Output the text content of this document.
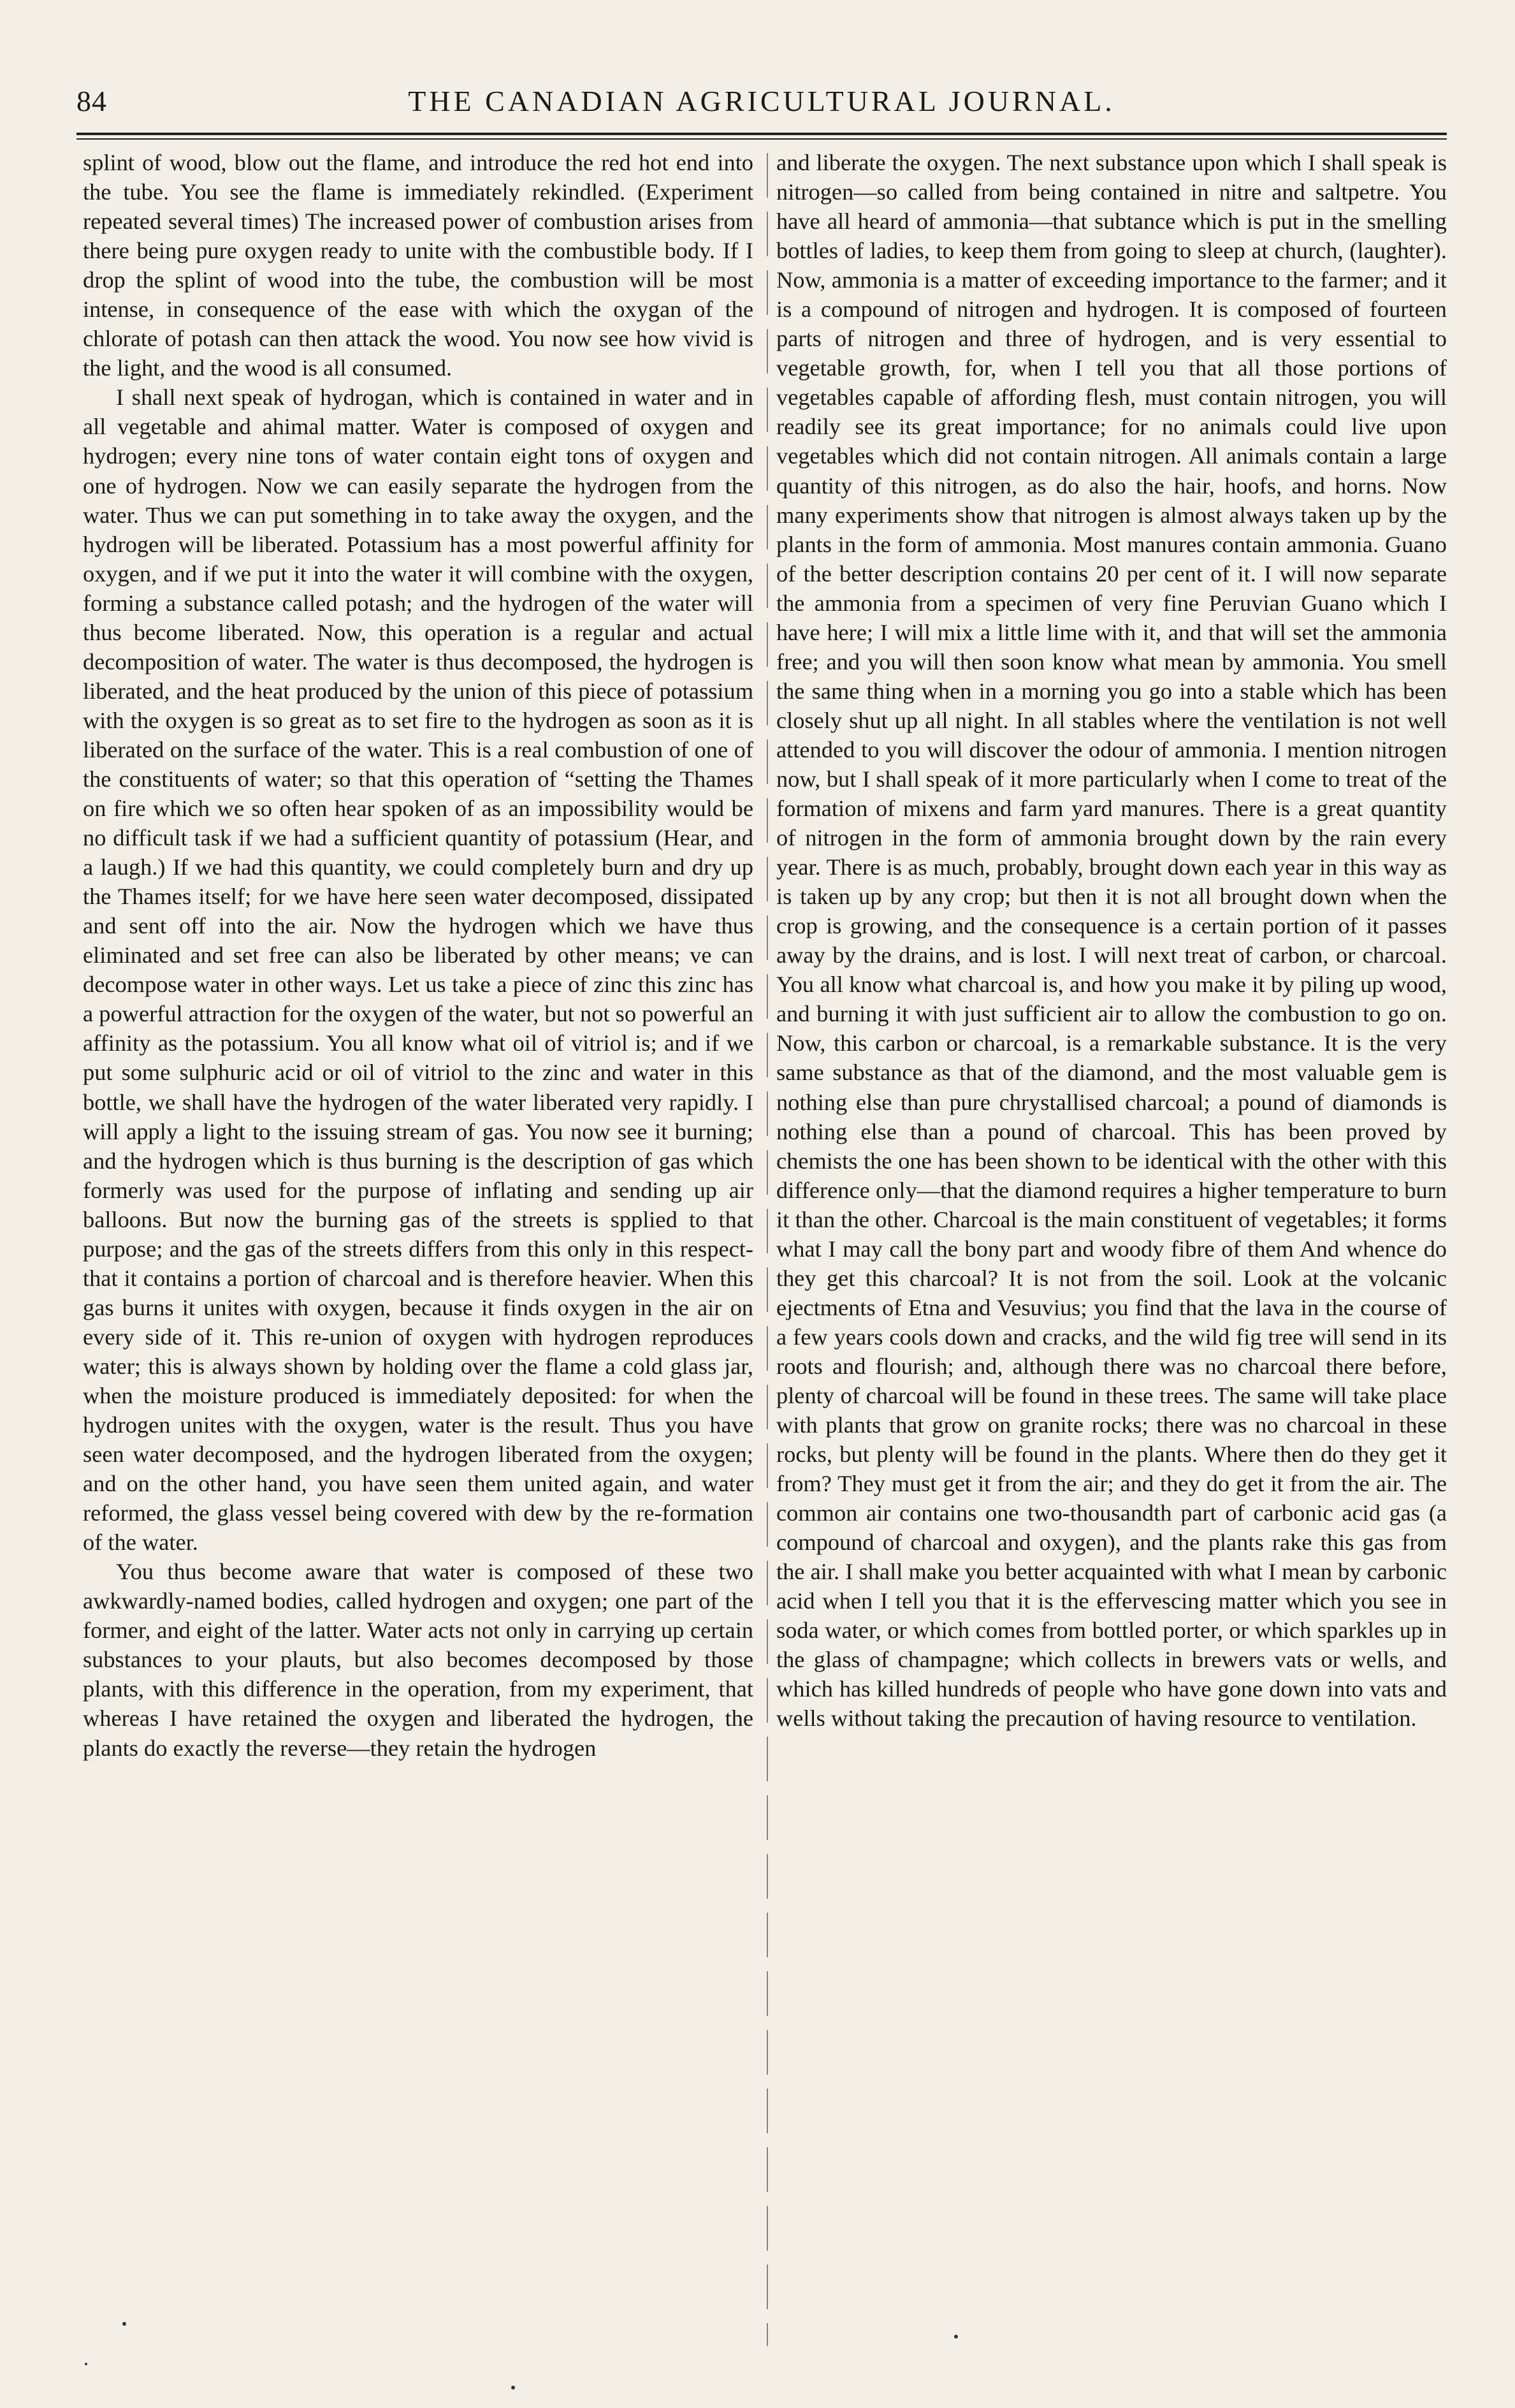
84	THE CANADIAN AGRICULTURAL JOURNAL.

splint of wood, blow out the flame, and introduce the red hot end into the tube. You see the flame is immediately rekindled. (Experiment repeated several times) The increased power of combustion arises from there being pure oxygen ready to unite with the combustible body. If I drop the splint of wood into the tube, the combustion will be most intense, in consequence of the ease with which the oxygan of the chlorate of potash can then attack the wood. You now see how vivid is the light, and the wood is all consumed.

I shall next speak of hydrogan, which is contained in water and in all vegetable and ahimal matter. Water is composed of oxygen and hydrogen; every nine tons of water contain eight tons of oxygen and one of hydrogen. Now we can easily separate the hydrogen from the water. Thus we can put something in to take away the oxygen, and the hydrogen will be liberated. Potassium has a most powerful affinity for oxygen, and if we put it into the water it will combine with the oxygen, forming a substance called potash; and the hydrogen of the water will thus become liberated. Now, this operation is a regular and actual decomposition of water. The water is thus decomposed, the hydrogen is liberated, and the heat produced by the union of this piece of potassium with the oxygen is so great as to set fire to the hydrogen as soon as it is liberated on the surface of the water. This is a real combustion of one of the constituents of water; so that this operation of “setting the Thames on fire which we so often hear spoken of as an impossibility would be no difficult task if we had a sufficient quantity of potassium (Hear, and a laugh.) If we had this quantity, we could completely burn and dry up the Thames itself; for we have here seen water decomposed, dissipated and sent off into the air. Now the hydrogen which we have thus eliminated and set free can also be liberated by other means; ve can decompose water in other ways. Let us take a piece of zinc this zinc has a powerful attraction for the oxygen of the water, but not so powerful an affinity as the potassium. You all know what oil of vitriol is; and if we put some sulphuric acid or oil of vitriol to the zinc and water in this bottle, we shall have the hydrogen of the water liberated very rapidly. I will apply a light to the issuing stream of gas. You now see it burning; and the hydrogen which is thus burning is the description of gas which formerly was used for the purpose of inflating and sending up air balloons. But now the burning gas of the streets is spplied to that purpose; and the gas of the streets differs from this only in this respect-that it contains a portion of charcoal and is therefore heavier. When this gas burns it unites with oxygen, because it finds oxygen in the air on every side of it. This re-union of oxygen with hydrogen reproduces water; this is always shown by holding over the flame a cold glass jar, when the moisture produced is immediately deposited: for when the hydrogen unites with the oxygen, water is the result. Thus you have seen water decomposed, and the hydrogen liberated from the oxygen; and on the other hand, you have seen them united again, and water reformed, the glass vessel being covered with dew by the re-formation of the water.

You thus become aware that water is composed of these two awkwardly-named bodies, called hydrogen and oxygen; one part of the former, and eight of the latter. Water acts not only in carrying up certain substances to your plauts, but also becomes decomposed by those plants, with this difference in the operation, from my experiment, that whereas I have retained the oxygen and liberated the hydrogen, the plants do exactly the reverse—they retain the hydrogen

and liberate the oxygen. The next substance upon which I shall speak is nitrogen—so called from being contained in nitre and saltpetre. You have all heard of ammonia—that subtance which is put in the smelling bottles of ladies, to keep them from going to sleep at church, (laughter). Now, ammonia is a matter of exceeding importance to the farmer; and it is a compound of nitrogen and hydrogen. It is composed of fourteen parts of nitrogen and three of hydrogen, and is very essential to vegetable growth, for, when I tell you that all those portions of vegetables capable of affording flesh, must contain nitrogen, you will readily see its great importance; for no animals could live upon vegetables which did not contain nitrogen. All animals contain a large quantity of this nitrogen, as do also the hair, hoofs, and horns. Now many experiments show that nitrogen is almost always taken up by the plants in the form of ammonia. Most manures contain ammonia. Guano of the better description contains 20 per cent of it. I will now separate the ammonia from a specimen of very fine Peruvian Guano which I have here; I will mix a little lime with it, and that will set the ammonia free; and you will then soon know what mean by ammonia. You smell the same thing when in a morning you go into a stable which has been closely shut up all night. In all stables where the ventilation is not well attended to you will discover the odour of ammonia. I mention nitrogen now, but I shall speak of it more particularly when I come to treat of the formation of mixens and farm yard manures. There is a great quantity of nitrogen in the form of ammonia brought down by the rain every year. There is as much, probably, brought down each year in this way as is taken up by any crop; but then it is not all brought down when the crop is growing, and the consequence is a certain portion of it passes away by the drains, and is lost. I will next treat of carbon, or charcoal. You all know what charcoal is, and how you make it by piling up wood, and burning it with just sufficient air to allow the combustion to go on. Now, this carbon or charcoal, is a remarkable substance. It is the very same substance as that of the diamond, and the most valuable gem is nothing else than pure chrystallised charcoal; a pound of diamonds is nothing else than a pound of charcoal. This has been proved by chemists the one has been shown to be identical with the other with this difference only—that the diamond requires a higher temperature to burn it than the other. Charcoal is the main constituent of vegetables; it forms what I may call the bony part and woody fibre of them And whence do they get this charcoal? It is not from the soil. Look at the volcanic ejectments of Etna and Vesuvius; you find that the lava in the course of a few years cools down and cracks, and the wild fig tree will send in its roots and flourish; and, although there was no charcoal there before, plenty of charcoal will be found in these trees. The same will take place with plants that grow on granite rocks; there was no charcoal in these rocks, but plenty will be found in the plants. Where then do they get it from? They must get it from the air; and they do get it from the air. The common air contains one two-thousandth part of carbonic acid gas (a compound of charcoal and oxygen), and the plants rake this gas from the air. I shall make you better acquainted with what I mean by carbonic acid when I tell you that it is the effervescing matter which you see in soda water, or which comes from bottled porter, or which sparkles up in the glass of champagne; which collects in brewers vats or wells, and which has killed hundreds of people who have gone down into vats and wells without taking the precaution of having resource to ventilation.
